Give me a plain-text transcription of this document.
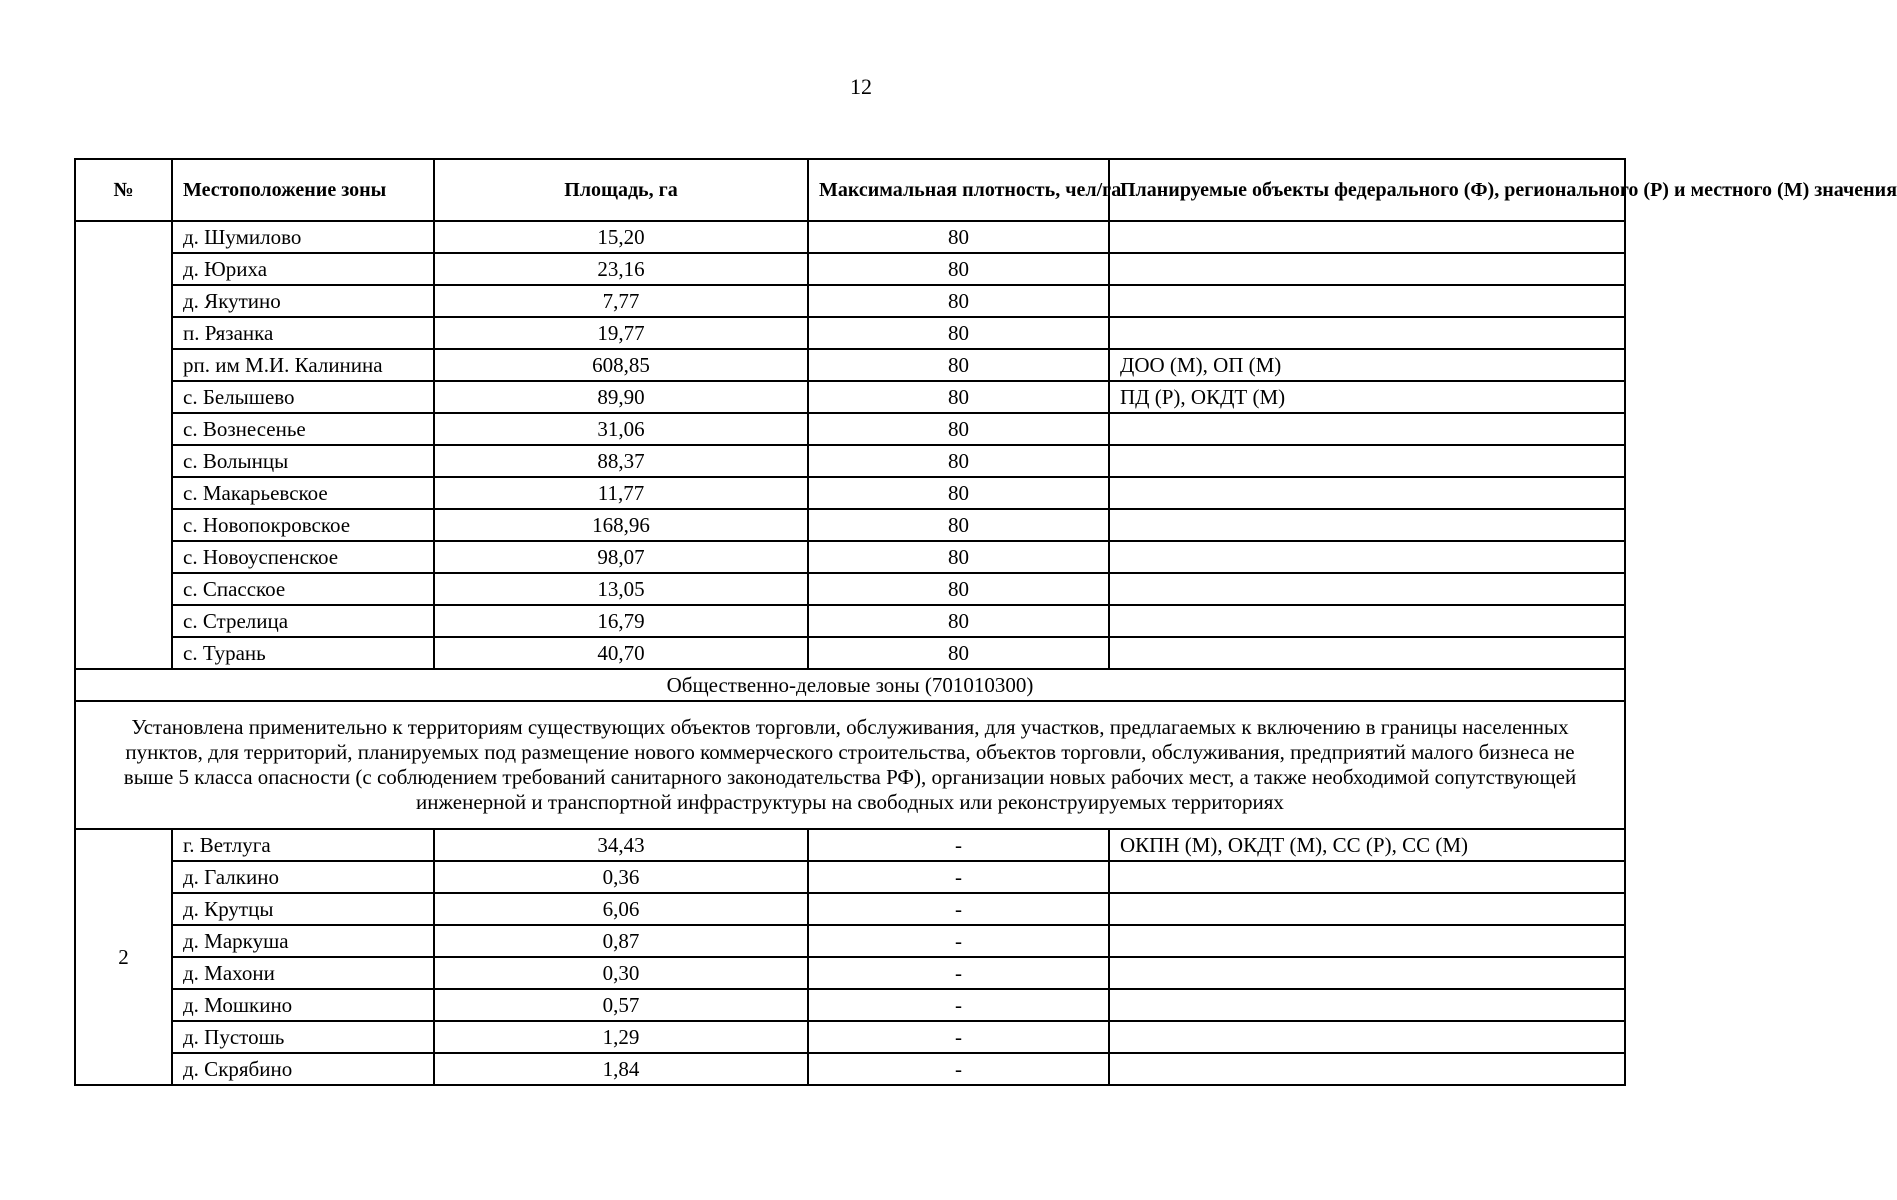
12
№	Местоположение зоны	Площадь, га	Максимальная плотность, чел/га	Планируемые объекты федерального (Ф), регионального (Р) и местного (М) значения
	д. Шумилово	15,20	80	
	д. Юриха	23,16	80	
	д. Якутино	7,77	80	
	п. Рязанка	19,77	80	
	рп. им М.И. Калинина	608,85	80	ДОО (М), ОП (М)
	с. Белышево	89,90	80	ПД (Р), ОКДТ (М)
	с. Вознесенье	31,06	80	
	с. Волынцы	88,37	80	
	с. Макарьевское	11,77	80	
	с. Новопокровское	168,96	80	
	с. Новоуспенское	98,07	80	
	с. Спасское	13,05	80	
	с. Стрелица	16,79	80	
	с. Турань	40,70	80	
Общественно-деловые зоны (701010300)				
Установлена применительно к территориям существующих объектов торговли, обслуживания, для участков, предлагаемых к включению в границы населенных пунктов, для территорий, планируемых под размещение нового коммерческого строительства, объектов торговли, обслуживания, предприятий малого бизнеса не выше 5 класса опасности (с соблюдением требований санитарного законодательства РФ), организации новых рабочих мест, а также необходимой сопутствующей инженерной и транспортной инфраструктуры на свободных или реконструируемых территориях				
2	г. Ветлуга	34,43	-	ОКПН (М), ОКДТ (М), СС (Р), СС (М)
	д. Галкино	0,36	-	
	д. Крутцы	6,06	-	
	д. Маркуша	0,87	-	
	д. Махони	0,30	-	
	д. Мошкино	0,57	-	
	д. Пустошь	1,29	-	
	д. Скрябино	1,84	-	
